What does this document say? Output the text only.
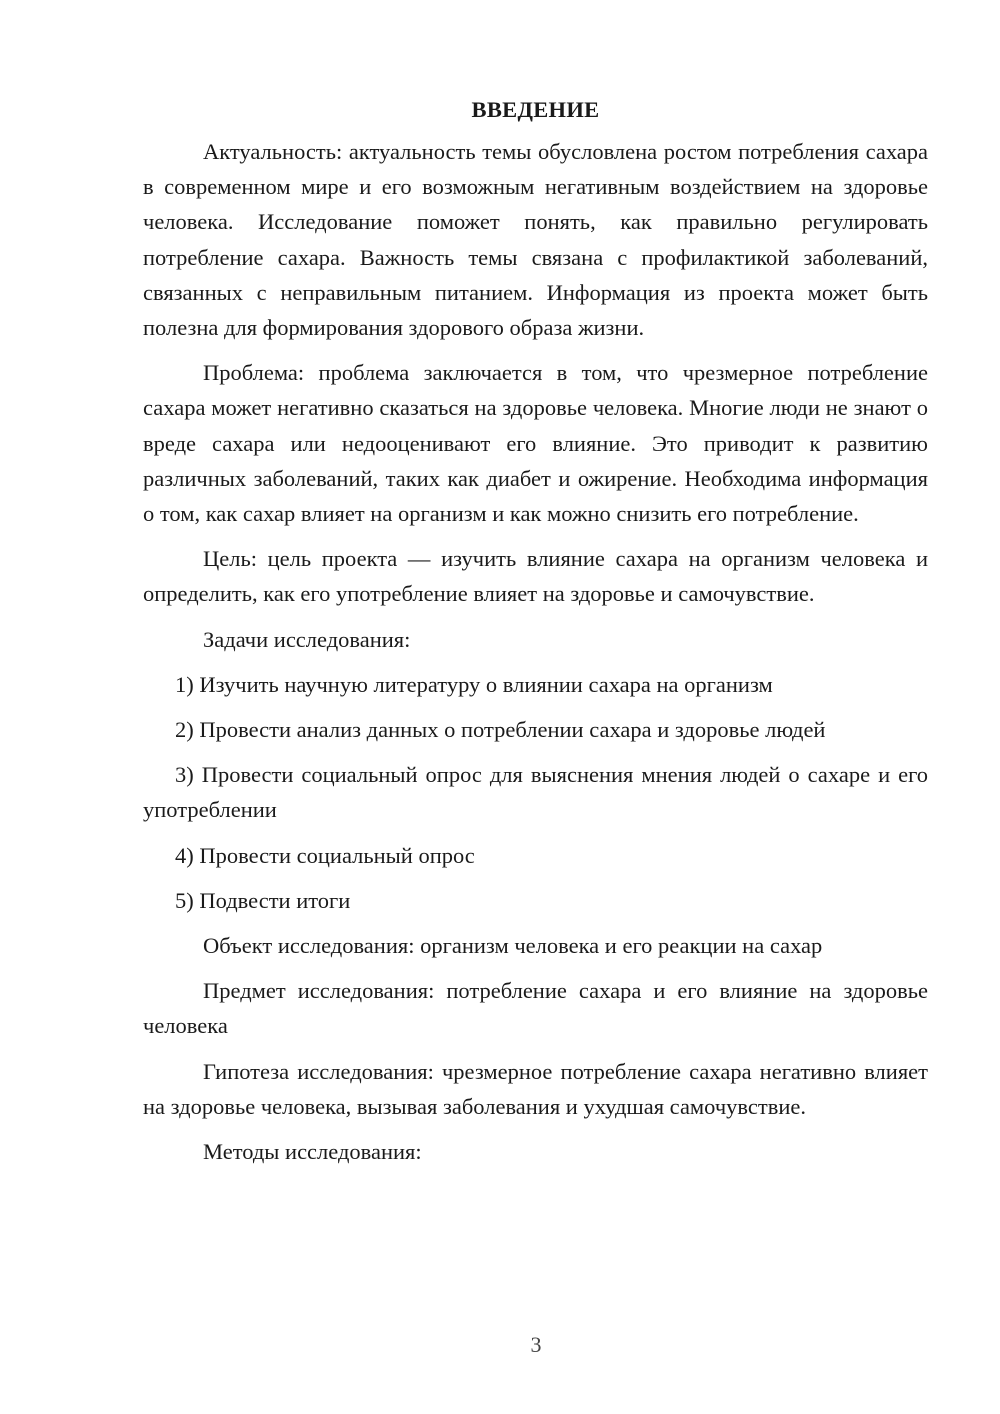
ВВЕДЕНИЕ

Актуальность: актуальность темы обусловлена ростом потребления сахара в современном мире и его возможным негативным воздействием на здоровье человека. Исследование поможет понять, как правильно регулировать потребление сахара. Важность темы связана с профилактикой заболеваний, связанных с неправильным питанием. Информация из проекта может быть полезна для формирования здорового образа жизни.

Проблема: проблема заключается в том, что чрезмерное потребление сахара может негативно сказаться на здоровье человека. Многие люди не знают о вреде сахара или недооценивают его влияние. Это приводит к развитию различных заболеваний, таких как диабет и ожирение. Необходима информация о том, как сахар влияет на организм и как можно снизить его потребление.

Цель: цель проекта — изучить влияние сахара на организм человека и определить, как его употребление влияет на здоровье и самочувствие.

Задачи исследования:

1) Изучить научную литературу о влиянии сахара на организм

2) Провести анализ данных о потреблении сахара и здоровье людей

3) Провести социальный опрос для выяснения мнения людей о сахаре и его употреблении

4) Провести социальный опрос

5) Подвести итоги

Объект исследования: организм человека и его реакции на сахар

Предмет исследования: потребление сахара и его влияние на здоровье человека

Гипотеза исследования: чрезмерное потребление сахара негативно влияет на здоровье человека, вызывая заболевания и ухудшая самочувствие.

Методы исследования:

3
